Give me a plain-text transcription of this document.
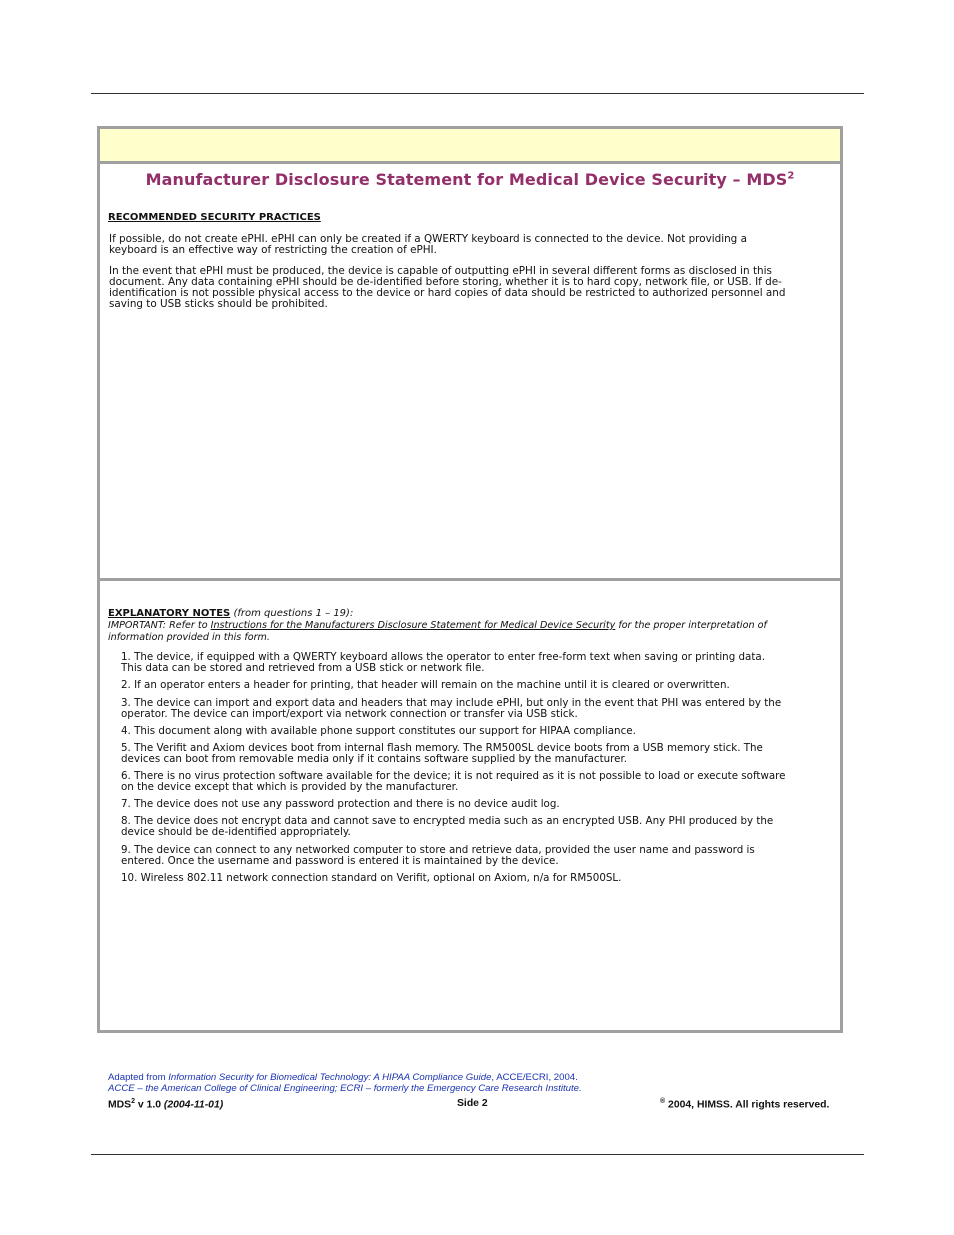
Manufacturer Disclosure Statement for Medical Device Security – MDS$^2$
RECOMMENDED SECURITY PRACTICES
If possible, do not create ePHI. ePHI can only be created if a QWERTY keyboard is connected to the device. Not providing a
keyboard is an effective way of restricting the creation of ePHI.
In the event that ePHI must be produced, the device is capable of outputting ePHI in several different forms as disclosed in this
document. Any data containing ePHI should be de-identified before storing, whether it is to hard copy, network file, or USB. If de-
identification is not possible physical access to the device or hard copies of data should be restricted to authorized personnel and
saving to USB sticks should be prohibited.
EXPLANATORY NOTES (from questions 1 – 19):
IMPORTANT: Refer to Instructions for the Manufacturers Disclosure Statement for Medical Device Security for the proper interpretation of
information provided in this form.
1. The device, if equipped with a QWERTY keyboard allows the operator to enter free-form text when saving or printing data.
This data can be stored and retrieved from a USB stick or network file.
2. If an operator enters a header for printing, that header will remain on the machine until it is cleared or overwritten.
3. The device can import and export data and headers that may include ePHI, but only in the event that PHI was entered by the
operator. The device can import/export via network connection or transfer via USB stick.
4. This document along with available phone support constitutes our support for HIPAA compliance.
5. The Verifit and Axiom devices boot from internal flash memory. The RM500SL device boots from a USB memory stick. The
devices can boot from removable media only if it contains software supplied by the manufacturer.
6. There is no virus protection software available for the device; it is not required as it is not possible to load or execute software
on the device except that which is provided by the manufacturer.
7. The device does not use any password protection and there is no device audit log.
8. The device does not encrypt data and cannot save to encrypted media such as an encrypted USB. Any PHI produced by the
device should be de-identified appropriately.
9. The device can connect to any networked computer to store and retrieve data, provided the user name and password is
entered. Once the username and password is entered it is maintained by the device.
10. Wireless 802.11 network connection standard on Verifit, optional on Axiom, n/a for RM500SL.
Adapted from Information Security for Biomedical Technology: A HIPAA Compliance Guide, ACCE/ECRI, 2004.
ACCE – the American College of Clinical Engineering; ECRI – formerly the Emergency Care Research Institute.
MDS$^2$ v 1.0 (2004-11-01)	Side 2	® 2004, HIMSS. All rights reserved.
